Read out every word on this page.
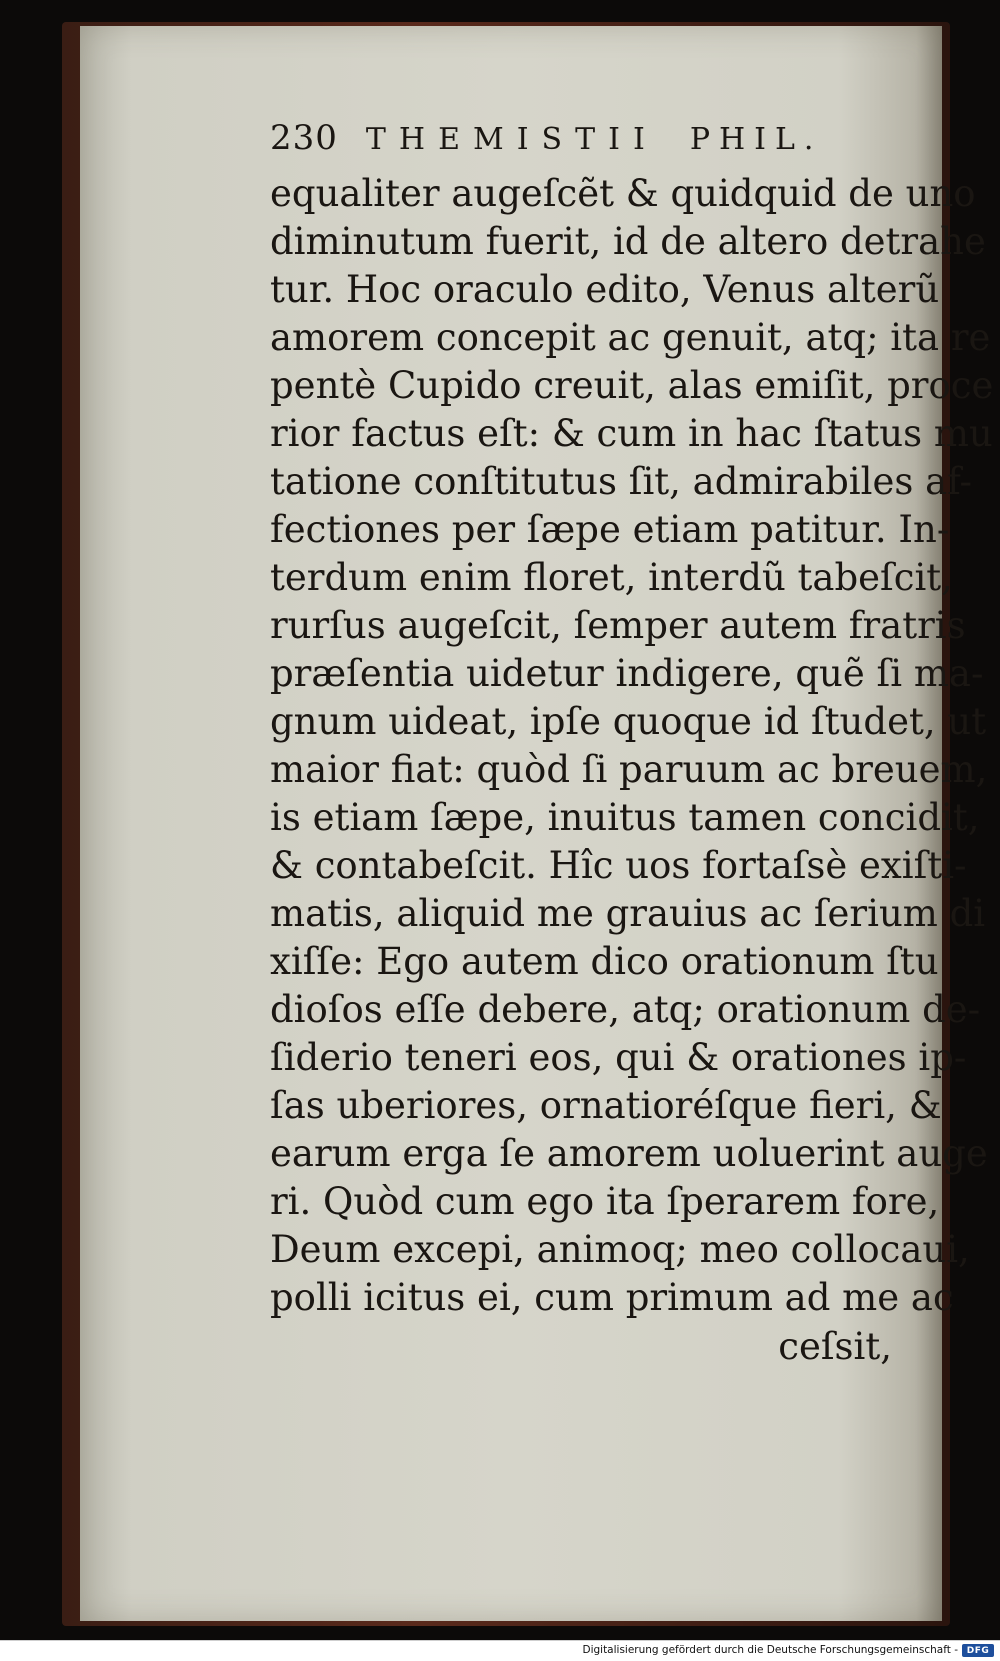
230 THEMISTII PHIL.
equaliter augeſcẽt & quidquid de uno
diminutum fuerit, id de altero detrahe
tur. Hoc oraculo edito, Venus alterũ
amorem concepit ac genuit, atq; ita re
pentè Cupido creuit, alas emiſit, proce
rior factus eſt: & cum in hac ſtatus mu
tatione conſtitutus ſit, admirabiles af-
fectiones per ſæpe etiam patitur. In-
terdum enim floret, interdũ tabeſcit,
rurſus augeſcit, ſemper autem fratris
præſentia uidetur indigere, quẽ ſi ma-
gnum uideat, ipſe quoque id ſtudet, ut
maior fiat: quòd ſi paruum ac breuem,
is etiam ſæpe, inuitus tamen concidit,
& contabeſcit. Hîc uos fortaſsè exiſti-
matis, aliquid me grauius ac ſerium di
xiſſe: Ego autem dico orationum ſtu
dioſos eſſe debere, atq; orationum de-
ſiderio teneri eos, qui & orationes ip-
ſas uberiores, ornatioréſque fieri, &
earum erga ſe amorem uoluerint auge
ri. Quòd cum ego ita ſperarem fore,
Deum excepi, animoq; meo collocaui,
polli icitus ei, cum primum ad me ac
ceſsit,
Digitalisierung gefördert durch die Deutsche Forschungsgemeinschaft - DFG
